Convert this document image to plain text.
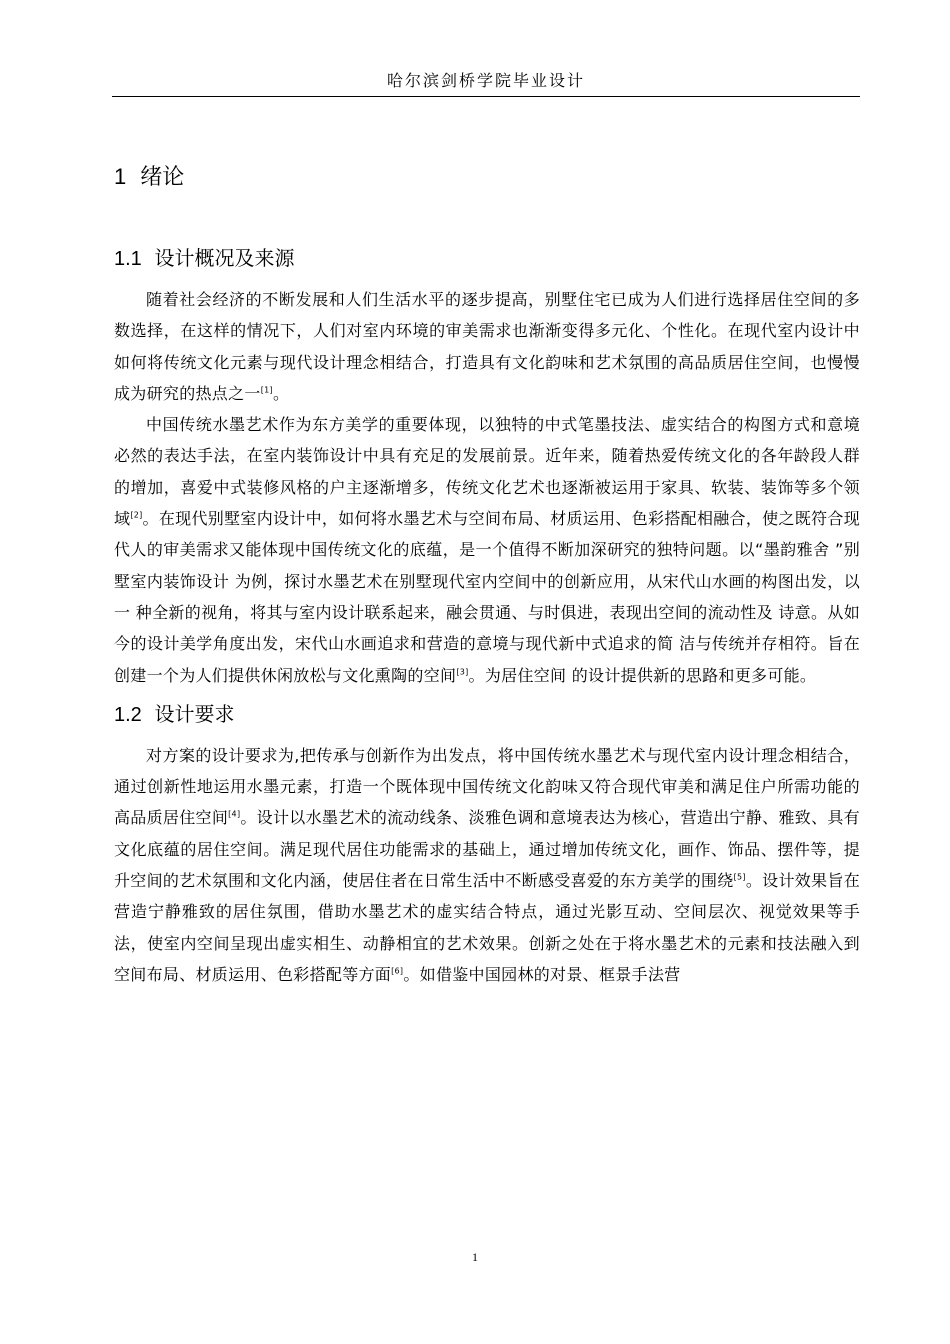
哈尔滨剑桥学院毕业设计
1 绪论
1.1 设计概况及来源

随着社会经济的不断发展和人们生活水平的逐步提高，别墅住宅已成为人们进行选择居住空间的多数选择，在这样的情况下，人们对室内环境的审美需求也渐渐变得多元化、个性化。在现代室内设计中如何将传统文化元素与现代设计理念相结合，打造具有文化韵味和艺术氛围的高品质居住空间，也慢慢成为研究的热点之一[1]。

中国传统水墨艺术作为东方美学的重要体现，以独特的中式笔墨技法、虚实结合的构图方式和意境必然的表达手法，在室内装饰设计中具有充足的发展前景。近年来，随着热爱传统文化的各年龄段人群的增加，喜爱中式装修风格的户主逐渐增多，传统文化艺术也逐渐被运用于家具、软装、装饰等多个领域[2]。在现代别墅室内设计中，如何将水墨艺术与空间布局、材质运用、色彩搭配相融合，使之既符合现代人的审美需求又能体现中国传统文化的底蕴，是一个值得不断加深研究的独特问题。以“墨韵雅舍 ”别墅室内装饰设计 为例，探讨水墨艺术在别墅现代室内空间中的创新应用，从宋代山水画的构图出发，以一 种全新的视角，将其与室内设计联系起来，融会贯通、与时俱进，表现出空间的流动性及 诗意。从如今的设计美学角度出发，宋代山水画追求和营造的意境与现代新中式追求的简 洁与传统并存相符。旨在创建一个为人们提供休闲放松与文化熏陶的空间[3]。为居住空间 的设计提供新的思路和更多可能。

1.2 设计要求

对方案的设计要求为,把传承与创新作为出发点，将中国传统水墨艺术与现代室内设计理念相结合，通过创新性地运用水墨元素，打造一个既体现中国传统文化韵味又符合现代审美和满足住户所需功能的高品质居住空间[4]。设计以水墨艺术的流动线条、淡雅色调和意境表达为核心，营造出宁静、雅致、具有文化底蕴的居住空间。满足现代居住功能需求的基础上，通过增加传统文化，画作、饰品、摆件等，提升空间的艺术氛围和文化内涵，使居住者在日常生活中不断感受喜爱的东方美学的围绕[5]。设计效果旨在营造宁静雅致的居住氛围，借助水墨艺术的虚实结合特点，通过光影互动、空间层次、视觉效果等手法，使室内空间呈现出虚实相生、动静相宜的艺术效果。创新之处在于将水墨艺术的元素和技法融入到空间布局、材质运用、色彩搭配等方面[6]。如借鉴中国园林的对景、框景手法营

1
